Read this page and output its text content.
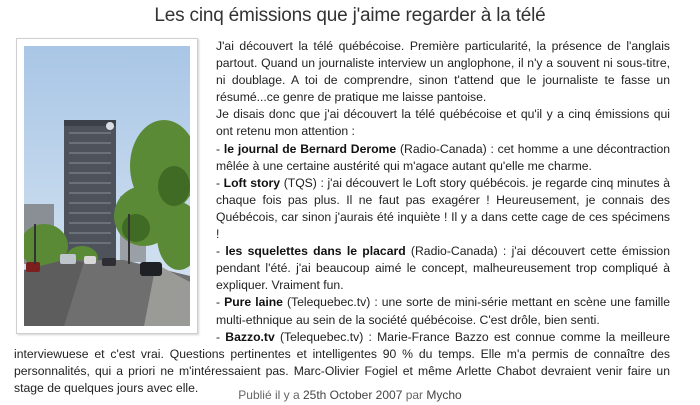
Les cinq émissions que j'aime regarder à la télé

J'ai découvert la télé québécoise. Première particularité, la présence de l'anglais partout. Quand un journaliste interview un anglophone, il n'y a souvent ni sous-titre, ni doublage. A toi de comprendre, sinon t'attend que le journaliste te fasse un résumé...ce genre de pratique me laisse pantoise.

Je disais donc que j'ai découvert la télé québécoise et qu'il y a cinq émissions qui ont retenu mon attention :

- le journal de Bernard Derome (Radio-Canada) : cet homme a une décontraction mêlée à une certaine austérité qui m'agace autant qu'elle me charme.

- Loft story (TQS) : j'ai découvert le Loft story québécois. je regarde cinq minutes à chaque fois pas plus. Il ne faut pas exagérer ! Heureusement, je connais des Québécois, car sinon j'aurais été inquiète ! Il y a dans cette cage de ces spécimens !

- les squelettes dans le placard (Radio-Canada) : j'ai découvert cette émission pendant l'été. j'ai beaucoup aimé le concept, malheureusement trop compliqué à expliquer. Vraiment fun.

- Pure laine (Telequebec.tv) : une sorte de mini-série mettant en scène une famille multi-ethnique au sein de la société québécoise. C'est drôle, bien senti.

- Bazzo.tv (Telequebec.tv) : Marie-France Bazzo est connue comme la meilleure interviewuese et c'est vrai. Questions pertinentes et intelligentes 90 % du temps. Elle m'a permis de connaître des personnalités, qui a priori ne m'intéressaient pas. Marc-Olivier Fogiel et même Arlette Chabot devraient venir faire un stage de quelques jours avec elle.

Publié il y a 25th October 2007 par Mycho
